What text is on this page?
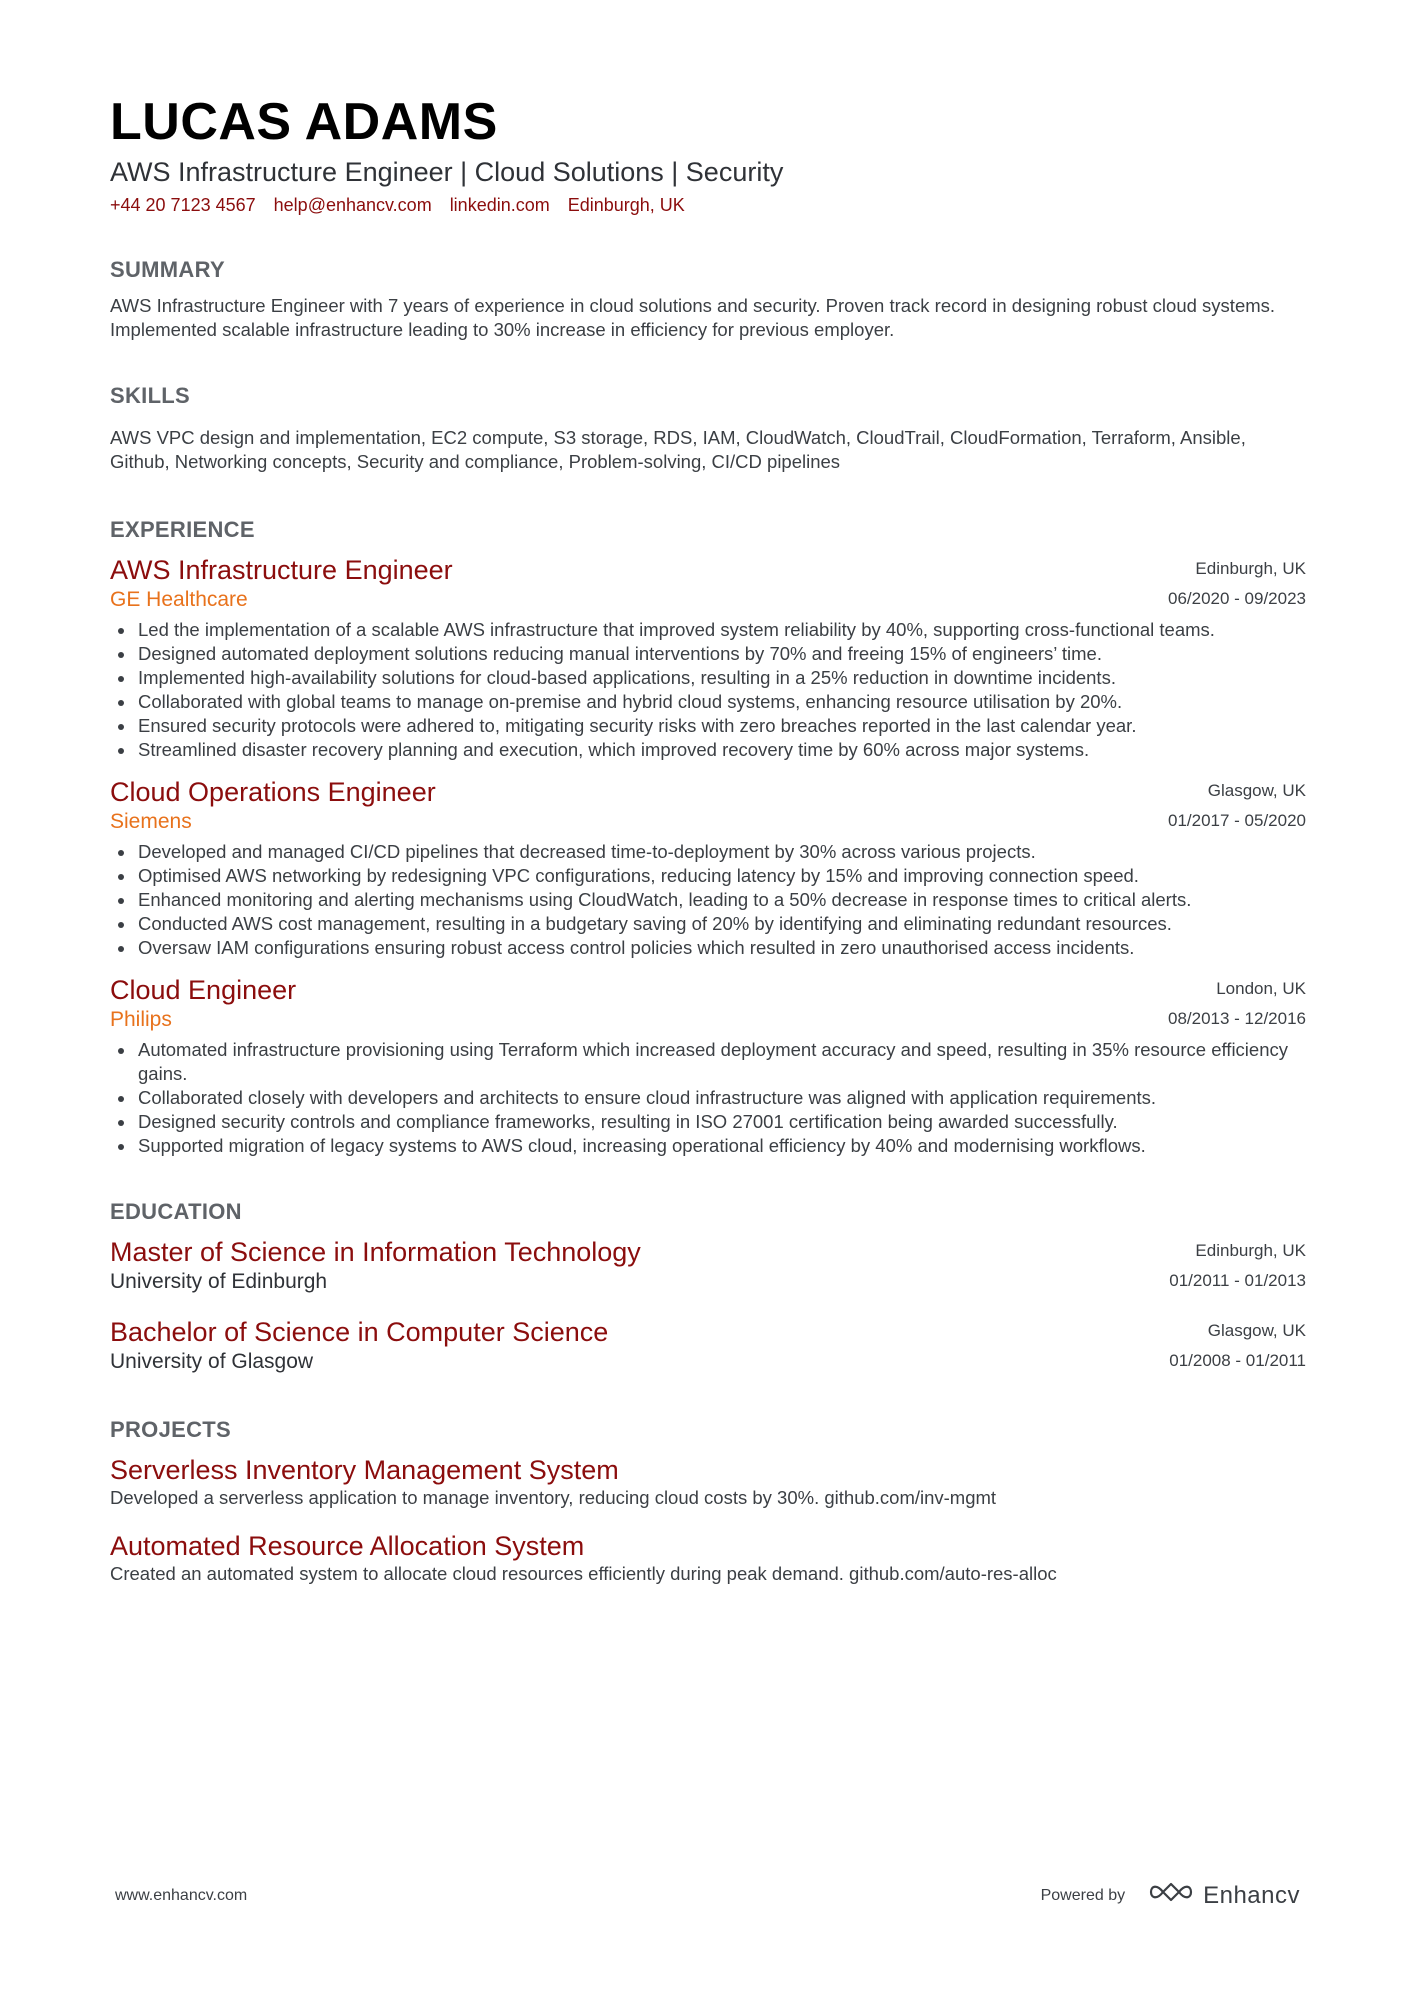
LUCAS ADAMS
AWS Infrastructure Engineer | Cloud Solutions | Security
+44 20 7123 4567 help@enhancv.com linkedin.com Edinburgh, UK
SUMMARY
AWS Infrastructure Engineer with 7 years of experience in cloud solutions and security. Proven track record in designing robust cloud systems. Implemented scalable infrastructure leading to 30% increase in efficiency for previous employer.
SKILLS
AWS VPC design and implementation, EC2 compute, S3 storage, RDS, IAM, CloudWatch, CloudTrail, CloudFormation, Terraform, Ansible, Github, Networking concepts, Security and compliance, Problem-solving, CI/CD pipelines
EXPERIENCE
AWS Infrastructure Engineer
GE Healthcare
Edinburgh, UK
06/2020 - 09/2023
Led the implementation of a scalable AWS infrastructure that improved system reliability by 40%, supporting cross-functional teams.
Designed automated deployment solutions reducing manual interventions by 70% and freeing 15% of engineers’ time.
Implemented high-availability solutions for cloud-based applications, resulting in a 25% reduction in downtime incidents.
Collaborated with global teams to manage on-premise and hybrid cloud systems, enhancing resource utilisation by 20%.
Ensured security protocols were adhered to, mitigating security risks with zero breaches reported in the last calendar year.
Streamlined disaster recovery planning and execution, which improved recovery time by 60% across major systems.
Cloud Operations Engineer
Siemens
Glasgow, UK
01/2017 - 05/2020
Developed and managed CI/CD pipelines that decreased time-to-deployment by 30% across various projects.
Optimised AWS networking by redesigning VPC configurations, reducing latency by 15% and improving connection speed.
Enhanced monitoring and alerting mechanisms using CloudWatch, leading to a 50% decrease in response times to critical alerts.
Conducted AWS cost management, resulting in a budgetary saving of 20% by identifying and eliminating redundant resources.
Oversaw IAM configurations ensuring robust access control policies which resulted in zero unauthorised access incidents.
Cloud Engineer
Philips
London, UK
08/2013 - 12/2016
Automated infrastructure provisioning using Terraform which increased deployment accuracy and speed, resulting in 35% resource efficiency gains.
Collaborated closely with developers and architects to ensure cloud infrastructure was aligned with application requirements.
Designed security controls and compliance frameworks, resulting in ISO 27001 certification being awarded successfully.
Supported migration of legacy systems to AWS cloud, increasing operational efficiency by 40% and modernising workflows.
EDUCATION
Master of Science in Information Technology
University of Edinburgh
Edinburgh, UK
01/2011 - 01/2013
Bachelor of Science in Computer Science
University of Glasgow
Glasgow, UK
01/2008 - 01/2011
PROJECTS
Serverless Inventory Management System
Developed a serverless application to manage inventory, reducing cloud costs by 30%. github.com/inv-mgmt
Automated Resource Allocation System
Created an automated system to allocate cloud resources efficiently during peak demand. github.com/auto-res-alloc
www.enhancv.com	Powered by	Enhancv
